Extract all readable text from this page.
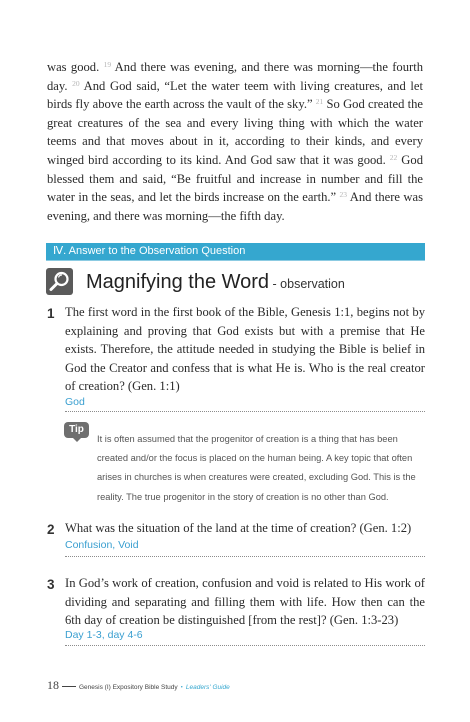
was good. $^{19}$ And there was evening, and there was morning—the fourth day. $^{20}$ And God said, “Let the water teem with living creatures, and let birds fly above the earth across the vault of the sky.” $^{21}$ So God created the great creatures of the sea and every living thing with which the water teems and that moves about in it, according to their kinds, and every winged bird according to its kind. And God saw that it was good. $^{22}$ God blessed them and said, “Be fruitful and increase in number and fill the water in the seas, and let the birds increase on the earth.” $^{23}$ And there was evening, and there was morning—the fifth day.
Ⅳ. Answer to the Observation Question
Magnifying the Word - observation
1 The first word in the first book of the Bible, Genesis 1:1, begins not by explaining and proving that God exists but with a premise that He exists. Therefore, the attitude needed in studying the Bible is belief in God the Creator and confess that is what He is. Who is the real creator of creation? (Gen. 1:1)
God
Tip
It is often assumed that the progenitor of creation is a thing that has been
created and/or the focus is placed on the human being. A key topic that often
arises in churches is when creatures were created, excluding God. This is the
reality. The true progenitor in the story of creation is no other than God.
2 What was the situation of the land at the time of creation? (Gen. 1:2)
Confusion, Void
3 In God’s work of creation, confusion and void is related to His work of dividing and separating and filling them with life. How then can the 6th day of creation be distinguished [from the rest]? (Gen. 1:3-23)
Day 1-3, day 4-6
18	Genesis (I) Expository Bible Study • Leaders' Guide
